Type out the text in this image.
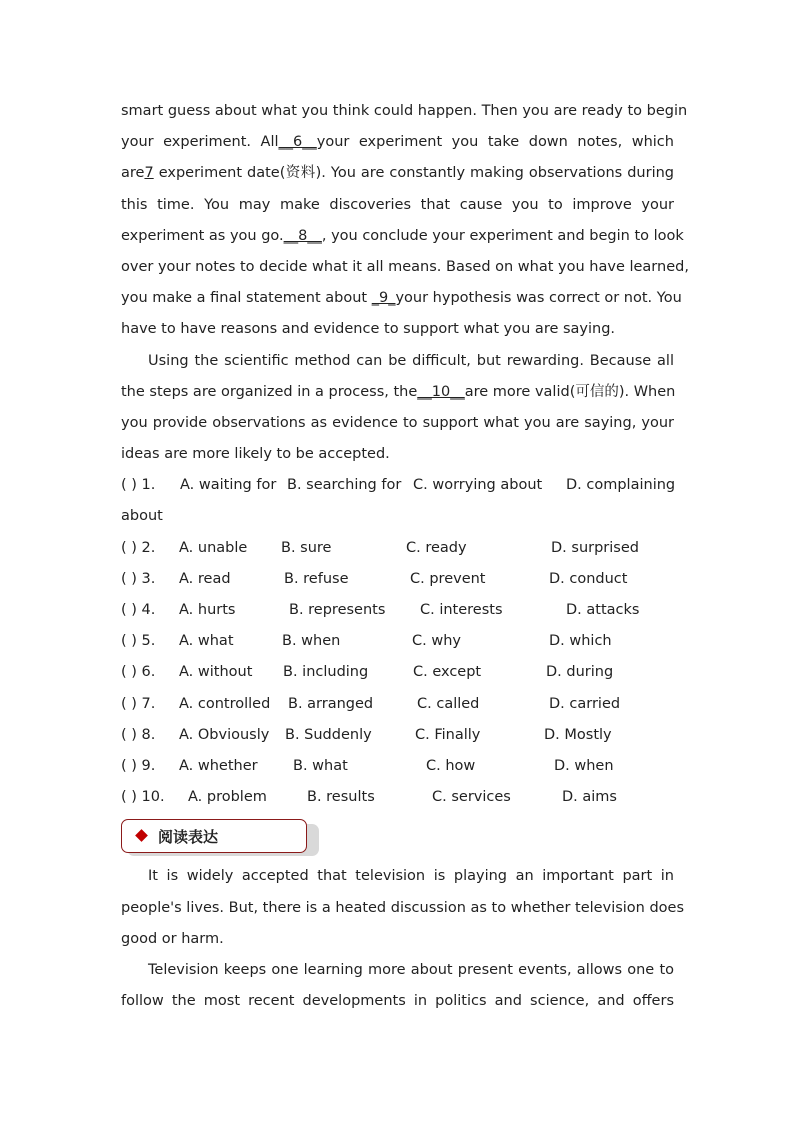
smart guess about what you think could happen. Then you are ready to begin
your experiment. All__6__your experiment you take down notes, which
are7 experiment date(资料). You are constantly making observations during
this time. You may make discoveries that cause you to improve your
experiment as you go.__8__, you conclude your experiment and begin to look
over your notes to decide what it all means. Based on what you have learned,
you make a final statement about _9_your hypothesis was correct or not. You
have to have reasons and evidence to support what you are saying.
Using the scientific method can be difficult, but rewarding. Because all
the steps are organized in a process, the__10__are more valid(可信的). When
you provide observations as evidence to support what you are saying, your
ideas are more likely to be accepted.
( ) 1. A. waiting for B. searching for C. worrying about D. complaining
about
( ) 2. A. unable B. sure	C. ready	D. surprised
( ) 3. A. read	B. refuse	C. prevent	D. conduct
( ) 4. A. hurts	B. represents C. interests	D. attacks
( ) 5. A. what	B. when	C. why	D. which
( ) 6. A. without B. including	C. except	D. during
( ) 7. A. controlled B. arranged	C. called	D. carried
( ) 8. A. Obviously B. Suddenly	C. Finally	D. Mostly
( ) 9. A. whether B. what	C. how	D. when
( ) 10. A. problem	B. results	C. services	D. aims
阅读表达
It is widely accepted that television is playing an important part in
people's lives. But, there is a heated discussion as to whether television does
good or harm.
Television keeps one learning more about present events, allows one to
follow the most recent developments in politics and science, and offers
